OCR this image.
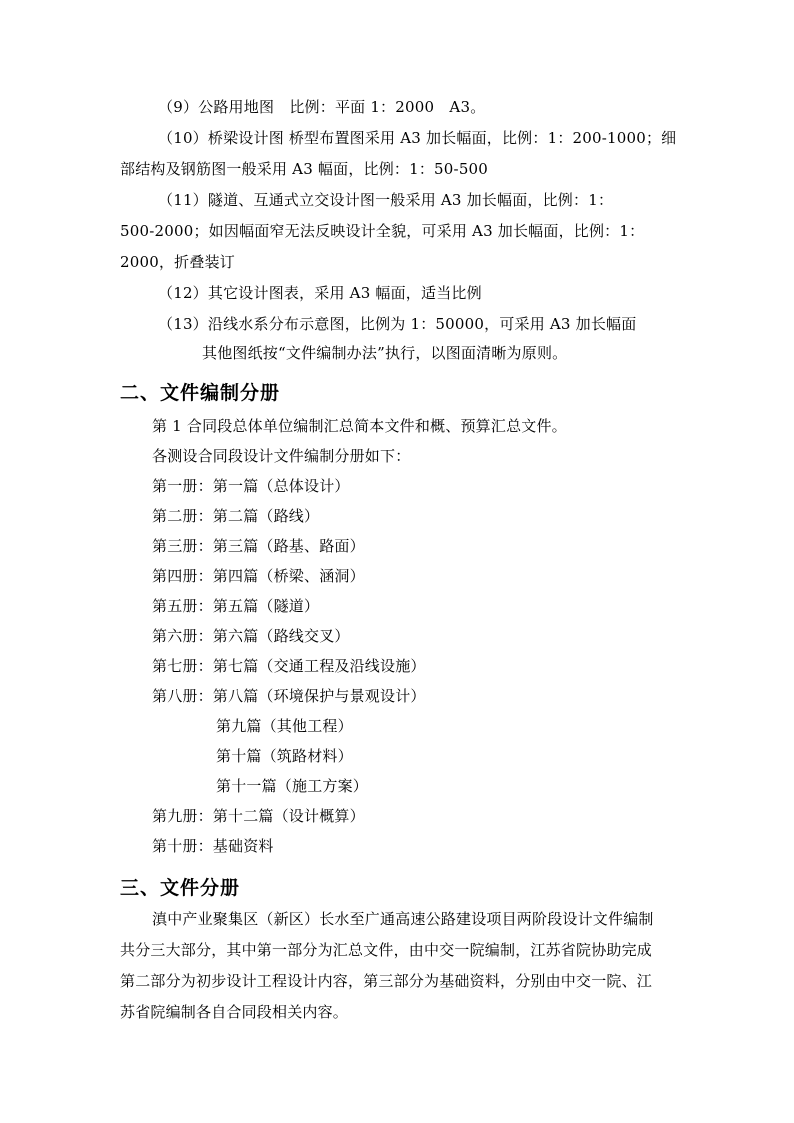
（9）公路用地图　比例：平面 1：2000　A3。
（10）桥梁设计图 桥型布置图采用 A3 加长幅面，比例：1：200-1000；细
部结构及钢筋图一般采用 A3 幅面，比例：1：50-500
（11）隧道、互通式立交设计图一般采用 A3 加长幅面，比例：1：
500-2000；如因幅面窄无法反映设计全貌，可采用 A3 加长幅面，比例：1：
2000，折叠装订
（12）其它设计图表，采用 A3 幅面，适当比例
（13）沿线水系分布示意图，比例为 1：50000，可采用 A3 加长幅面
其他图纸按“文件编制办法”执行，以图面清晰为原则。
二、文件编制分册
第 1 合同段总体单位编制汇总简本文件和概、预算汇总文件。
各测设合同段设计文件编制分册如下：
第一册：第一篇（总体设计）
第二册：第二篇（路线）
第三册：第三篇（路基、路面）
第四册：第四篇（桥梁、涵洞）
第五册：第五篇（隧道）
第六册：第六篇（路线交叉）
第七册：第七篇（交通工程及沿线设施）
第八册：第八篇（环境保护与景观设计）
第九篇（其他工程）
第十篇（筑路材料）
第十一篇（施工方案）
第九册：第十二篇（设计概算）
第十册：基础资料
三、文件分册
滇中产业聚集区（新区）长水至广通高速公路建设项目两阶段设计文件编制
共分三大部分，其中第一部分为汇总文件，由中交一院编制，江苏省院协助完成
第二部分为初步设计工程设计内容，第三部分为基础资料，分别由中交一院、江
苏省院编制各自合同段相关内容。
